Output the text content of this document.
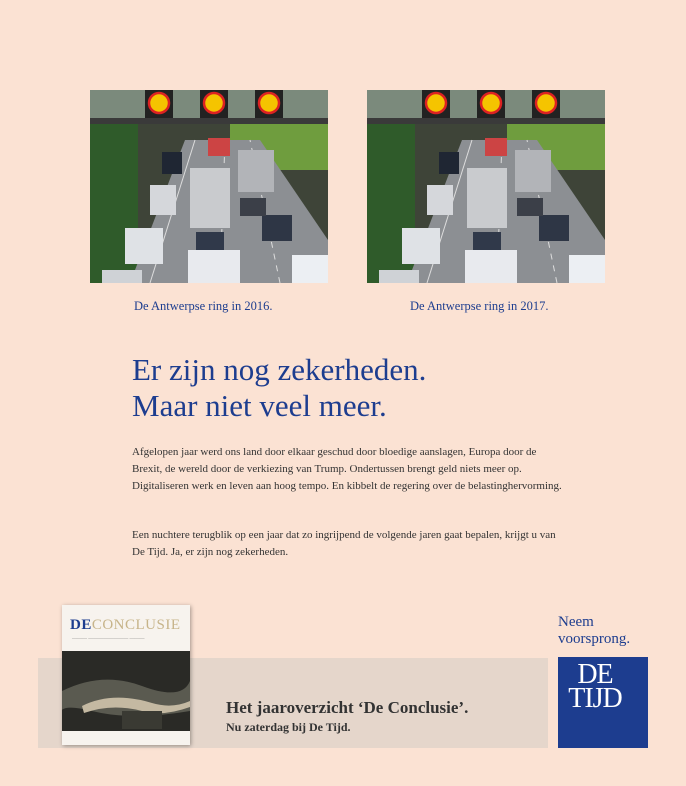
De Antwerpse ring in 2016.	De Antwerpse ring in 2017.
Er zijn nog zekerheden.
Maar niet veel meer.
Afgelopen jaar werd ons land door elkaar geschud door bloedige aanslagen, Europa door de Brexit, de wereld door de verkiezing van Trump. Ondertussen brengt geld niets meer op. Digitaliseren werk en leven aan hoog tempo. En kibbelt de regering over de belastinghervorming.
Een nuchtere terugblik op een jaar dat zo ingrijpend de volgende jaren gaat bepalen, krijgt u van De Tijd. Ja, er zijn nog zekerheden.
DECONCLUSIE
——— ———————— ———
Het jaaroverzicht ‘De Conclusie’.
Nu zaterdag bij De Tijd.
Neem
voorsprong.
DE
TIJD
